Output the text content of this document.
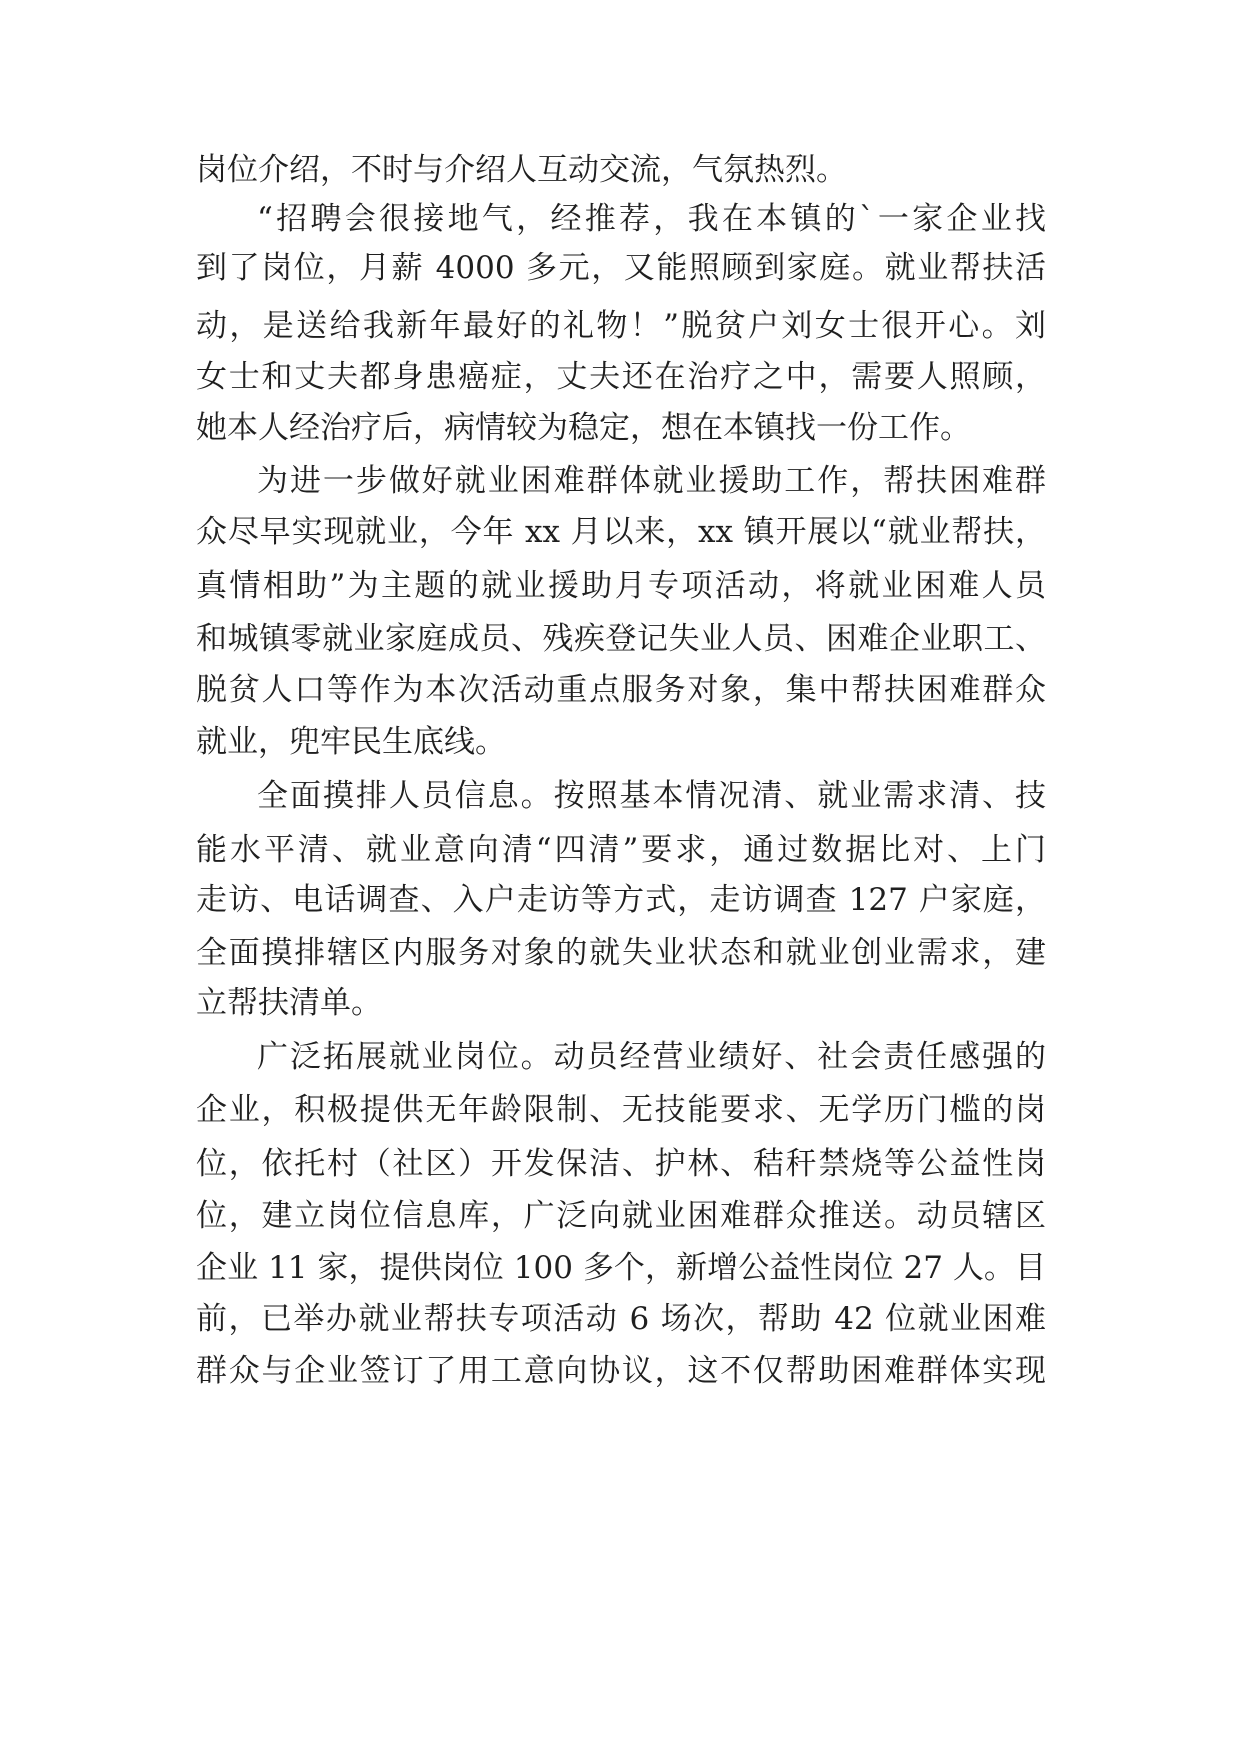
岗位介绍，不时与介绍人互动交流，气氛热烈。

“招聘会很接地气，经推荐，我在本镇的`一家企业找

到了岗位，月薪 4000 多元，又能照顾到家庭。就业帮扶活

动，是送给我新年最好的礼物！”脱贫户刘女士很开心。刘

女士和丈夫都身患癌症，丈夫还在治疗之中，需要人照顾，

她本人经治疗后，病情较为稳定，想在本镇找一份工作。

为进一步做好就业困难群体就业援助工作，帮扶困难群

众尽早实现就业，今年 xx 月以来，xx 镇开展以“就业帮扶，

真情相助”为主题的就业援助月专项活动，将就业困难人员

和城镇零就业家庭成员、残疾登记失业人员、困难企业职工、

脱贫人口等作为本次活动重点服务对象，集中帮扶困难群众

就业，兜牢民生底线。

全面摸排人员信息。按照基本情况清、就业需求清、技

能水平清、就业意向清“四清”要求，通过数据比对、上门

走访、电话调查、入户走访等方式，走访调查 127 户家庭，

全面摸排辖区内服务对象的就失业状态和就业创业需求，建

立帮扶清单。

广泛拓展就业岗位。动员经营业绩好、社会责任感强的

企业，积极提供无年龄限制、无技能要求、无学历门槛的岗

位，依托村（社区）开发保洁、护林、秸秆禁烧等公益性岗

位，建立岗位信息库，广泛向就业困难群众推送。动员辖区

企业 11 家，提供岗位 100 多个，新增公益性岗位 27 人。目

前，已举办就业帮扶专项活动 6 场次，帮助 42 位就业困难

群众与企业签订了用工意向协议，这不仅帮助困难群体实现
